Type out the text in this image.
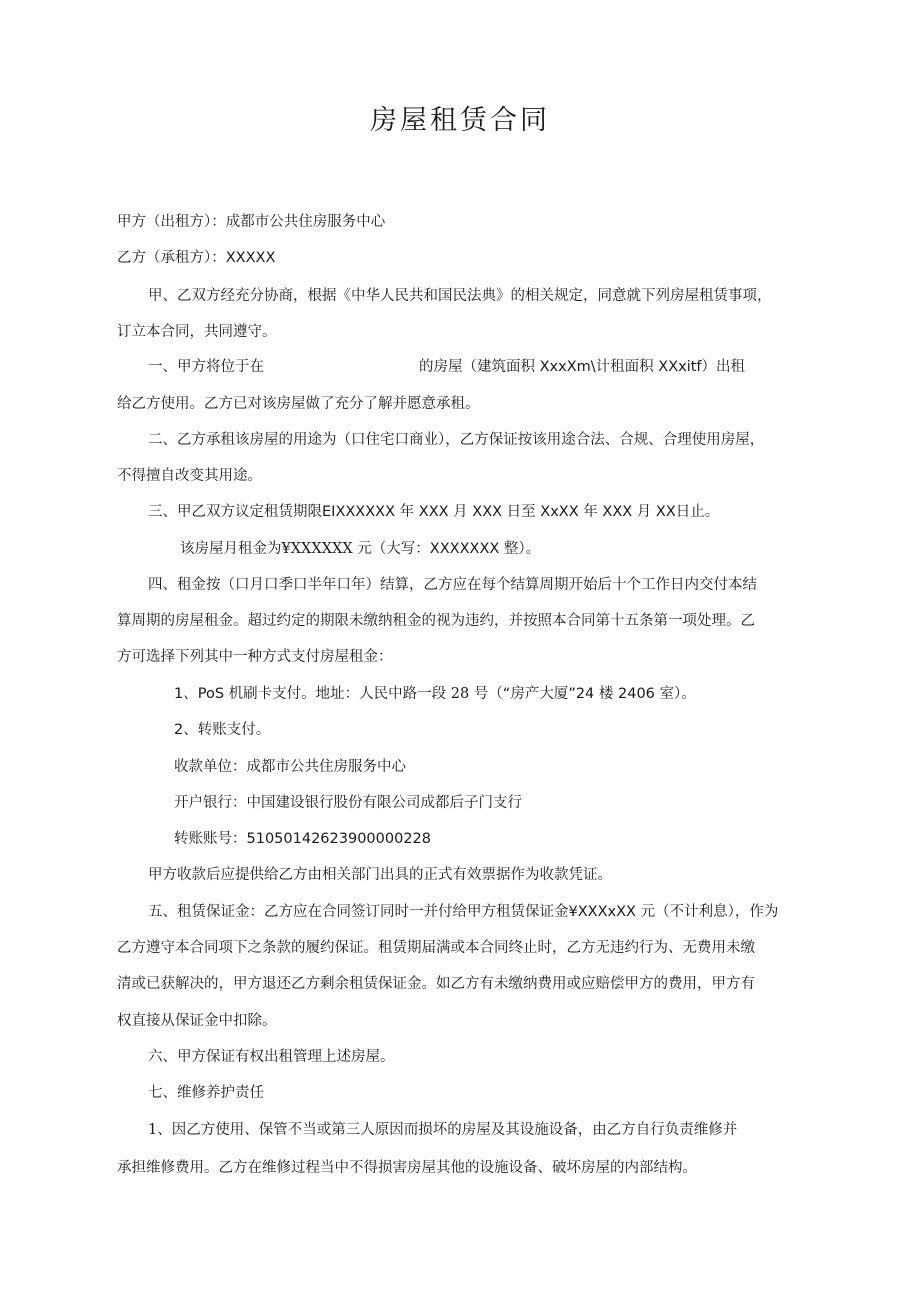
房屋租赁合同
甲方（出租方）：成都市公共住房服务中心
乙方（承租方）：XXXXX
甲、乙双方经充分协商，根据《中华人民共和国民法典》的相关规定，同意就下列房屋租赁事项，
订立本合同，共同遵守。
一、甲方将位于在	的房屋（建筑面积 XxxXm\计租面积 XXxitf）出租
给乙方使用。乙方已对该房屋做了充分了解并愿意承租。
二、乙方承租该房屋的用途为（口住宅口商业），乙方保证按该用途合法、合规、合理使用房屋，
不得擅自改变其用途。
三、甲乙双方议定租赁期限EIXXXXXX 年 XXX 月 XXX 日至 XxXX 年 XXX 月 XX日止。
该房屋月租金为¥XXXXXX 元（大写：XXXXXXX 整）。
四、租金按（口月口季口半年口年）结算，乙方应在每个结算周期开始后十个工作日内交付本结
算周期的房屋租金。超过约定的期限未缴纳租金的视为违约，并按照本合同第十五条第一项处理。乙
方可选择下列其中一种方式支付房屋租金：
1、PoS 机刷卡支付。地址：人民中路一段 28 号（“房产大厦”24 楼 2406 室）。
2、转账支付。
收款单位：成都市公共住房服务中心
开户银行：中国建设银行股份有限公司成都后子门支行
转账账号：51050142623900000228
甲方收款后应提供给乙方由相关部门出具的正式有效票据作为收款凭证。
五、租赁保证金：乙方应在合同签订同时一并付给甲方租赁保证金¥XXXxXX 元（不计利息），作为
乙方遵守本合同项下之条款的履约保证。租赁期届满或本合同终止时，乙方无违约行为、无费用未缴
清或已获解决的，甲方退还乙方剩余租赁保证金。如乙方有未缴纳费用或应赔偿甲方的费用，甲方有
权直接从保证金中扣除。
六、甲方保证有权出租管理上述房屋。
七、维修养护责任
1、因乙方使用、保管不当或第三人原因而损坏的房屋及其设施设备，由乙方自行负责维修并
承担维修费用。乙方在维修过程当中不得损害房屋其他的设施设备、破坏房屋的内部结构。
